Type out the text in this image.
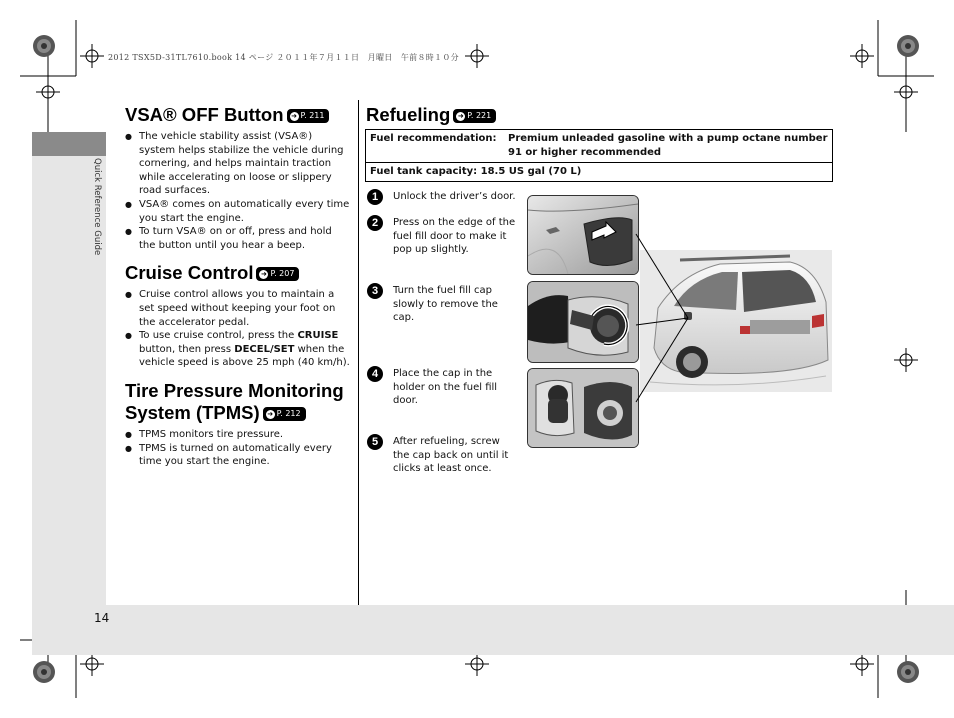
2012 TSX5D-31TL7610.book 14 ページ ２０１１年７月１１日　月曜日　午前８時１０分
Quick Reference Guide
14
VSA® OFF Button ➜ P. 211
● The vehicle stability assist (VSA®) system helps stabilize the vehicle during cornering, and helps maintain traction while accelerating on loose or slippery road surfaces.
● VSA® comes on automatically every time you start the engine.
● To turn VSA® on or off, press and hold the button until you hear a beep.
Cruise Control ➜ P. 207
● Cruise control allows you to maintain a set speed without keeping your foot on the accelerator pedal.
● To use cruise control, press the CRUISE button, then press DECEL/SET when the vehicle speed is above 25 mph (40 km/h).
Tire Pressure Monitoring
System (TPMS) ➜ P. 212
● TPMS monitors tire pressure.
● TPMS is turned on automatically every time you start the engine.
Refueling ➜ P. 221
Fuel recommendation:	Premium unleaded gasoline with a pump octane number 91 or higher recommended
Fuel tank capacity: 18.5 US gal (70 L)
1	Unlock the driver’s door.
2	Press on the edge of the fuel fill door to make it pop up slightly.
3	Turn the fuel fill cap slowly to remove the cap.
4	Place the cap in the holder on the fuel fill door.
5	After refueling, screw the cap back on until it clicks at least once.
